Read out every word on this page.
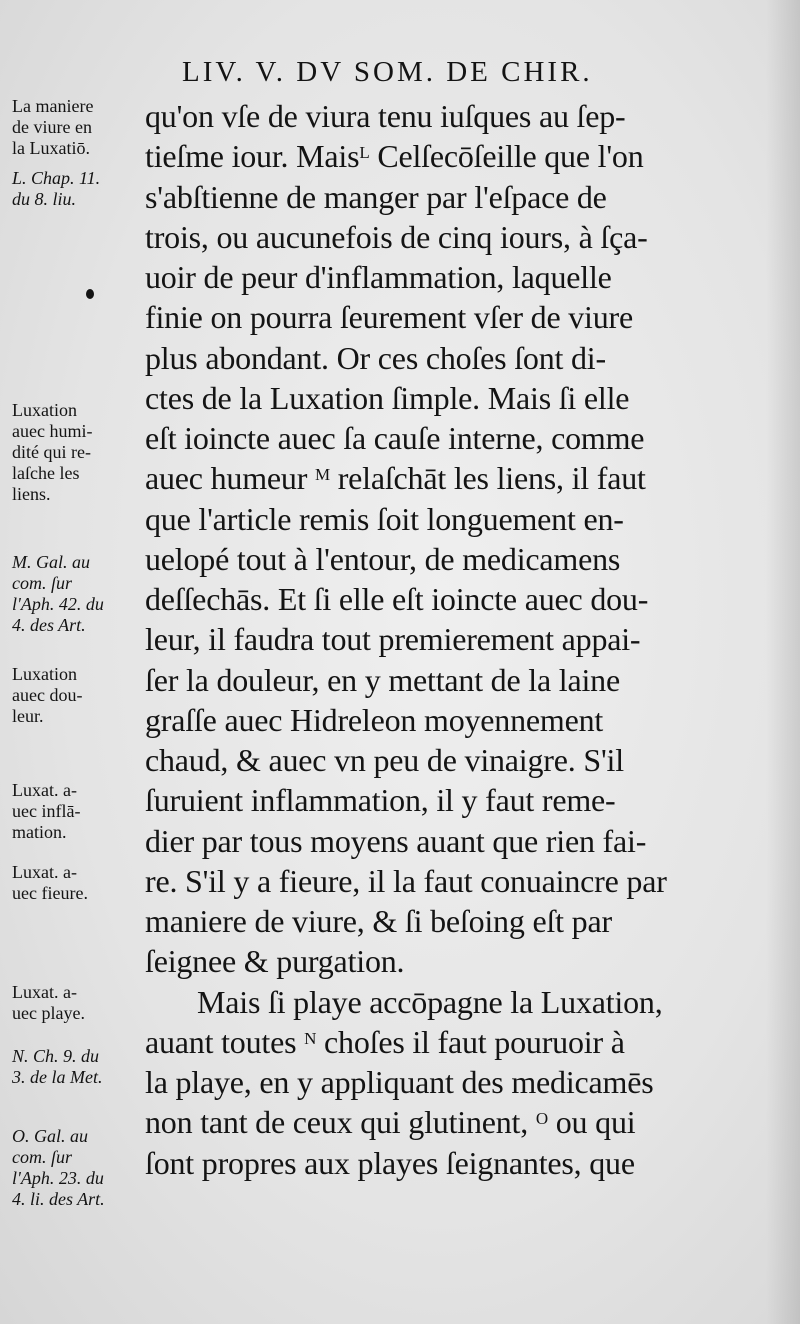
LIV. V. DV SOM. DE CHIR.
qu'on vſe de viura tenu iuſques au ſep-
tieſme iour. Mais$^L$ Celſecōſeille que l'on
s'abſtienne de manger par l'eſpace de
trois, ou aucunefois de cinq iours, à ſça-
uoir de peur d'inflammation, laquelle
finie on pourra ſeurement vſer de viure
plus abondant. Or ces choſes ſont di-
ctes de la Luxation ſimple. Mais ſi elle
eſt ioincte auec ſa cauſe interne, comme
auec humeur $^M$ relaſchāt les liens, il faut
que l'article remis ſoit longuement en-
uelopé tout à l'entour, de medicamens
deſſechās. Et ſi elle eſt ioincte auec dou-
leur, il faudra tout premierement appai-
ſer la douleur, en y mettant de la laine
graſſe auec Hidreleon moyennement
chaud, & auec vn peu de vinaigre. S'il
ſuruient inflammation, il y faut reme-
dier par tous moyens auant que rien fai-
re. S'il y a fieure, il la faut conuaincre par
maniere de viure, & ſi beſoing eſt par
ſeignee & purgation.
Mais ſi playe accōpagne la Luxation,
auant toutes $^N$ choſes il faut pouruoir à
la playe, en y appliquant des medicamēs
non tant de ceux qui glutinent, $^O$ ou qui
ſont propres aux playes ſeignantes, que
La maniere
de viure en
la Luxatiō.
L. Chap. 11.
du 8. liu.
Luxation
auec humi-
dité qui re-
laſche les
liens.
M. Gal. au
com. ſur
l'Aph. 42. du
4. des Art.
Luxation
auec dou-
leur.
Luxat. a-
uec inflā-
mation.
Luxat. a-
uec fieure.
Luxat. a-
uec playe.
N. Ch. 9. du
3. de la Met.
O. Gal. au
com. ſur
l'Aph. 23. du
4. li. des Art.
